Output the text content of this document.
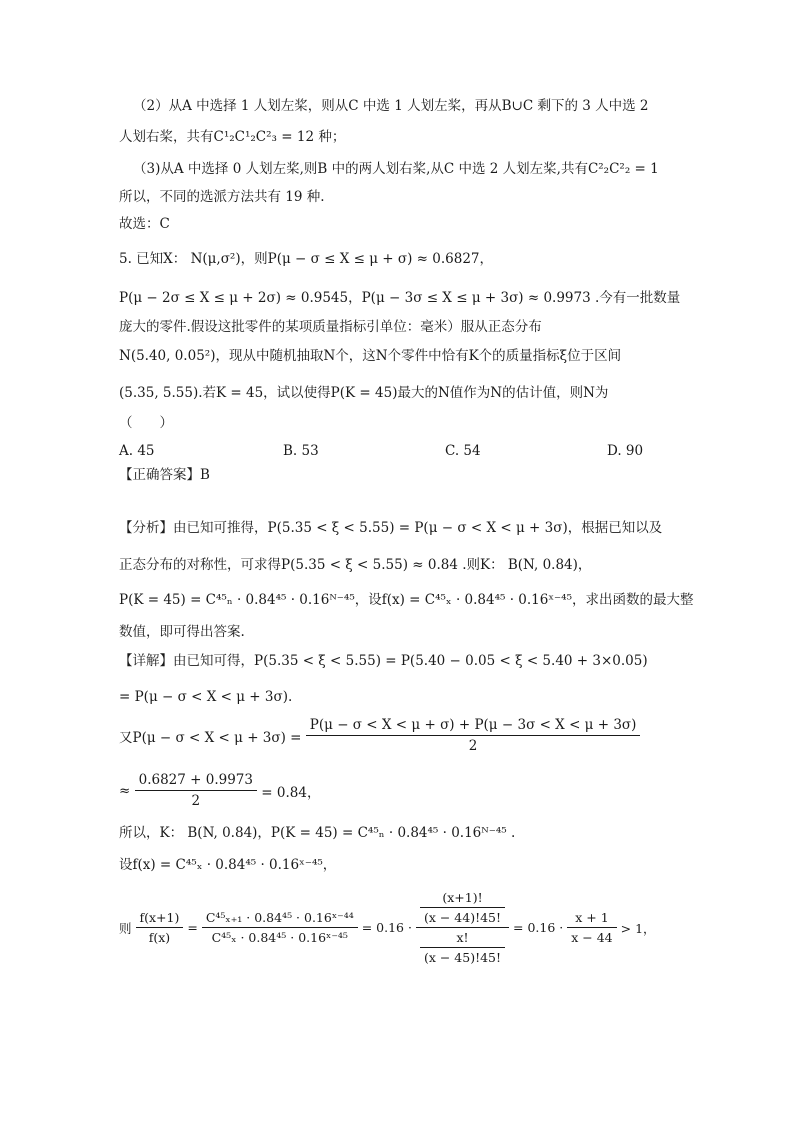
（2）从A 中选择 1 人划左桨，则从C 中选 1 人划左桨，再从B∪C 剩下的 3 人中选 2
人划右桨，共有C¹₂C¹₂C²₃ = 12 种；
（3)从A 中选择 0 人划左桨,则B 中的两人划右桨,从C 中选 2 人划左桨,共有C²₂C²₂ = 1
所以，不同的选派方法共有 19 种.
故选：C
5. 已知X： N(μ,σ²)，则P(μ − σ ≤ X ≤ μ + σ) ≈ 0.6827，
P(μ − 2σ ≤ X ≤ μ + 2σ) ≈ 0.9545，P(μ − 3σ ≤ X ≤ μ + 3σ) ≈ 0.9973 .今有一批数量
庞大的零件.假设这批零件的某项质量指标引单位：毫米）服从正态分布
N(5.40, 0.05²)，现从中随机抽取N个，这N个零件中恰有K个的质量指标ξ位于区间
(5.35, 5.55).若K = 45，试以使得P(K = 45)最大的N值作为N的估计值，则N为
（　　）
A. 45	B. 53	C. 54	D. 90
【正确答案】B
【分析】由已知可推得，P(5.35 < ξ < 5.55) = P(μ − σ < X < μ + 3σ)，根据已知以及
正态分布的对称性，可求得P(5.35 < ξ < 5.55) ≈ 0.84 .则K： B(N, 0.84)，
P(K = 45) = C⁴⁵ₙ · 0.84⁴⁵ · 0.16ᴺ⁻⁴⁵，设f(x) = C⁴⁵ₓ · 0.84⁴⁵ · 0.16ˣ⁻⁴⁵，求出函数的最大整
数值，即可得出答案.
【详解】由已知可得，P(5.35 < ξ < 5.55) = P(5.40 − 0.05 < ξ < 5.40 + 3×0.05)
= P(μ − σ < X < μ + 3σ).
又$P(\mu - \sigma < X < \mu + 3\sigma) = \frac{P(\mu - \sigma < X < \mu + \sigma) + P(\mu - 3\sigma < X < \mu + 3\sigma)}{2}$
≈ $\frac{0.6827 + 0.9973}{2} = 0.84$，
所以，K： B(N, 0.84)，P(K = 45) = C⁴⁵ₙ · 0.84⁴⁵ · 0.16ᴺ⁻⁴⁵ .
设f(x) = C⁴⁵ₓ · 0.84⁴⁵ · 0.16ˣ⁻⁴⁵，
则 $\frac{f(x+1)}{f(x)} = \frac{\text{C⁴⁵ₓ₊₁ · 0.84⁴⁵ · 0.16ˣ⁻⁴⁴}}{\text{C⁴⁵ₓ · 0.84⁴⁵ · 0.16ˣ⁻⁴⁵}} = 0.16 \cdot \frac{\frac{(x+1)!}{(x - 44)!45!}}{\frac{x!}{(x - 45)!45!}} = 0.16 \cdot \frac{x + 1}{x - 44} > 1$，
